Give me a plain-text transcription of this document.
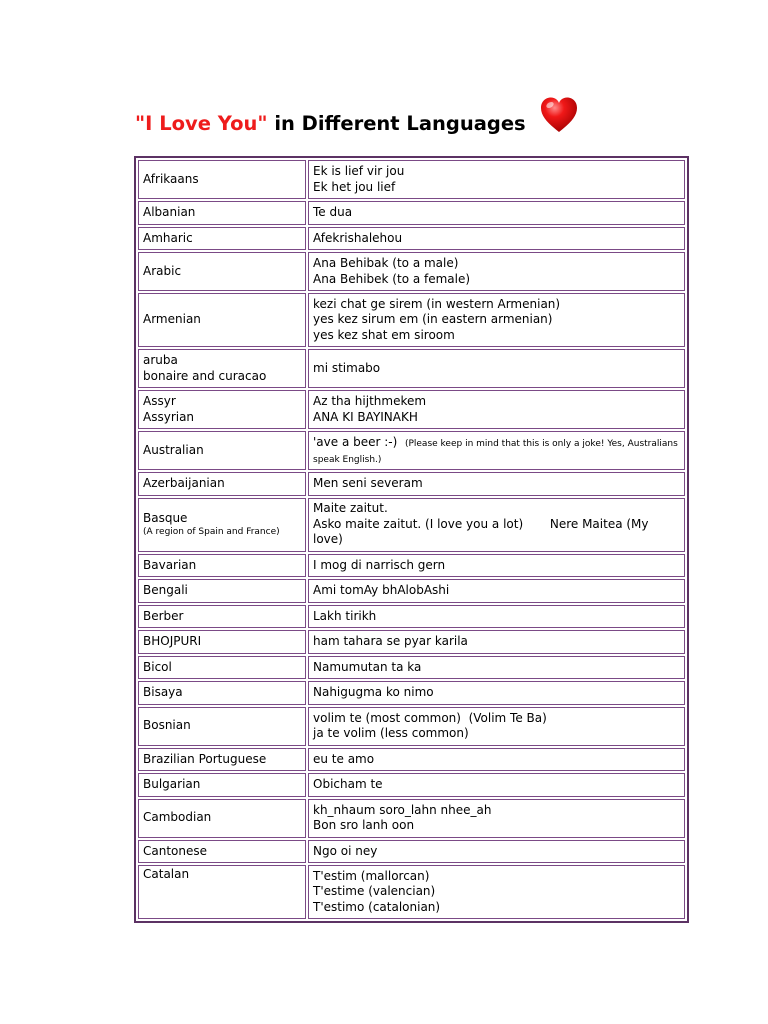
"I Love You" in Different Languages
Afrikaans	Ek is lief vir jou
Ek het jou lief

Albanian	Te dua
Amharic	Afekrishalehou
Arabic	Ana Behibak (to a male)
Ana Behibek (to a female)

Armenian	kezi chat ge sirem (in western Armenian)
yes kez sirum em (in eastern armenian)
yes kez shat em siroom

aruba
bonaire and curacao	mi stimabo

Assyr
Assyrian	Az tha hijthmekem
ANA KI BAYINAKH

Australian	'ave a beer :-) (Please keep in mind that this is only a joke! Yes, Australians speak English.)
Azerbaijanian	Men seni severam

Basque
(A region of Spain and France)	Maite zaitut.
Asko maite zaitut. (I love you a lot)       Nere Maitea (My love)

Bavarian	I mog di narrisch gern
Bengali	Ami tomAy bhAlobAshi
Berber	Lakh tirikh
BHOJPURI	ham tahara se pyar karila
Bicol	Namumutan ta ka
Bisaya	Nahigugma ko nimo
Bosnian	volim te (most common)  (Volim Te Ba)
ja te volim (less common)

Brazilian Portuguese	eu te amo
Bulgarian	Obicham te
Cambodian	kh_nhaum soro_lahn nhee_ah
Bon sro lanh oon

Cantonese	Ngo oi ney
Catalan	T'estim (mallorcan)
T'estime (valencian)
T'estimo (catalonian)
